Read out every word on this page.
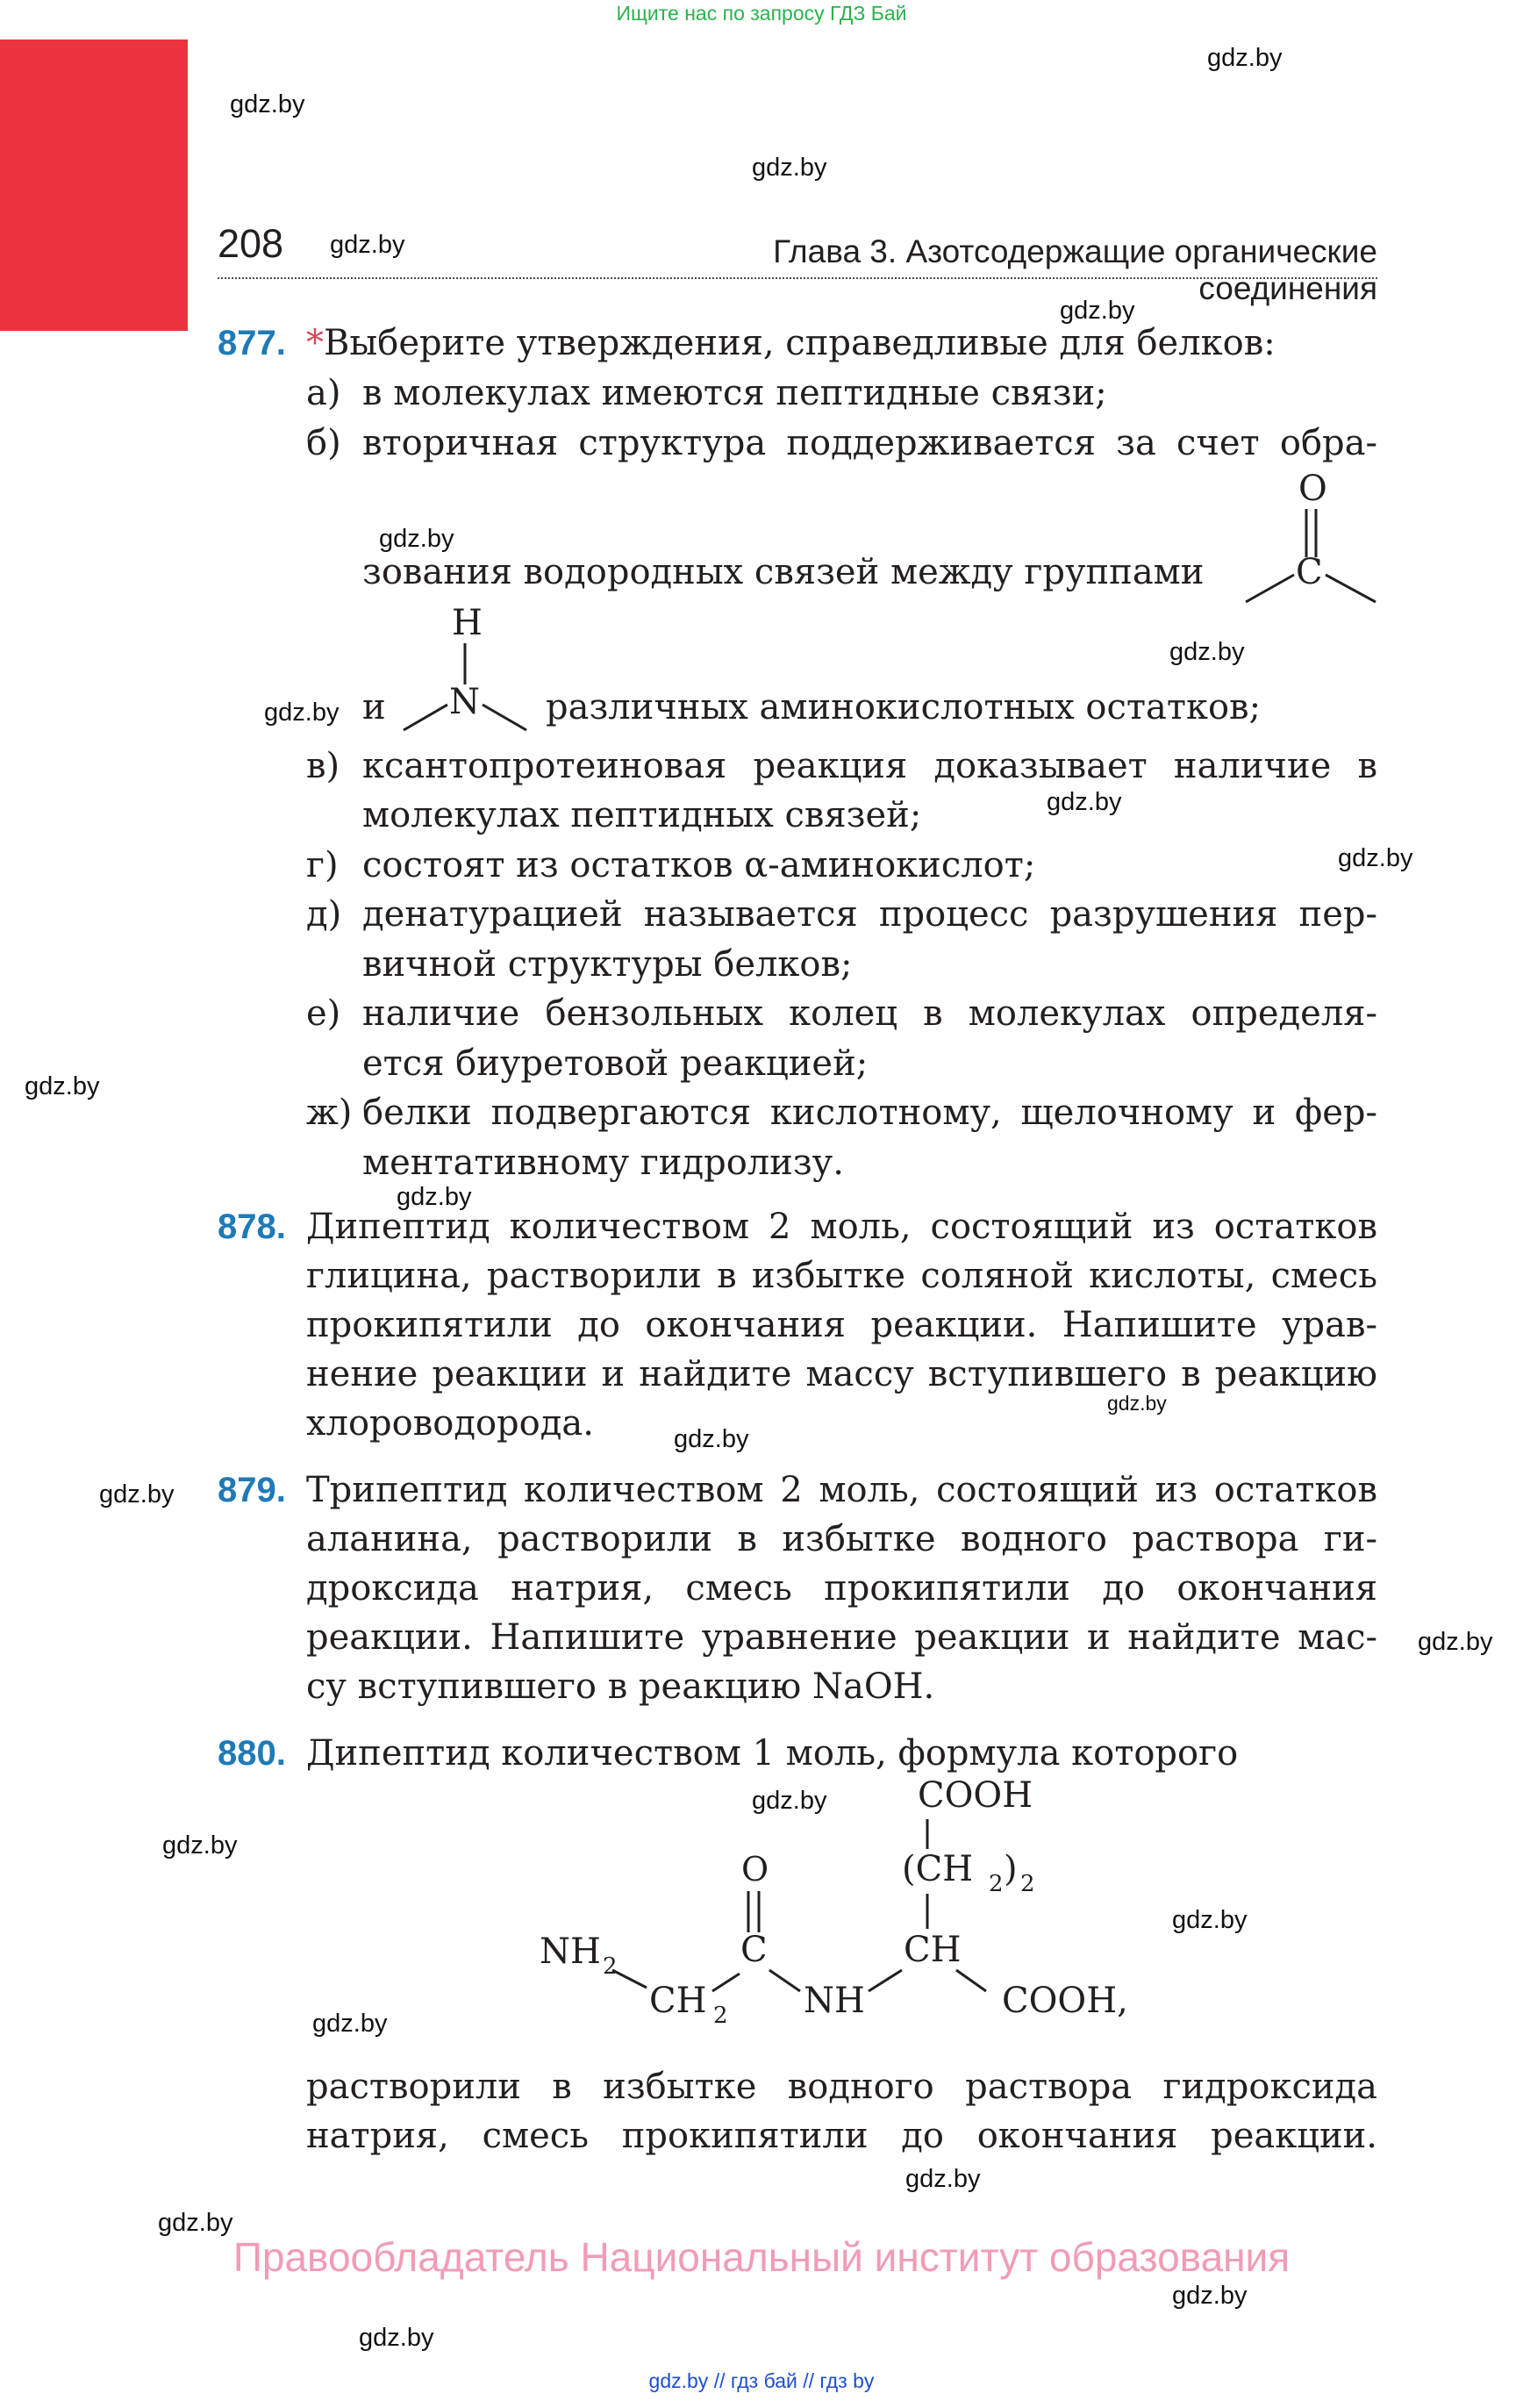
Ищите нас по запросу ГДЗ Бай
208	Глава 3. Азотсодержащие органические соединения
gdz.by
gdz.by
gdz.by
gdz.by
gdz.by
gdz.by
gdz.by
gdz.by
gdz.by
gdz.by
gdz.by
gdz.by
gdz.by
gdz.by
gdz.by
gdz.by
gdz.by
gdz.by
gdz.by
gdz.by
gdz.by
gdz.by
gdz.by
gdz.by
877. *Выберите утверждения, справедливые для белков:
а) в молекулах имеются пептидные связи;
б) вторичная структура поддерживается за счет обра-
зования водородных связей между группами
O
C
и
H
N различных аминокислотных остатков;
в) ксантопротеиновая реакция доказывает наличие в
молекулах пептидных связей;
г) состоят из остатков α-аминокислот;
д) денатурацией называется процесс разрушения пер-
вичной структуры белков;
е) наличие бензольных колец в молекулах определя-
ется биуретовой реакцией;
ж) белки подвергаются кислотному, щелочному и фер-
ментативному гидролизу.
878. Дипептид количеством 2 моль, состоящий из остатков
глицина, растворили в избытке соляной кислоты, смесь
прокипятили до окончания реакции. Напишите урав-
нение реакции и найдите массу вступившего в реакцию
хлороводорода.
879. Трипептид количеством 2 моль, состоящий из остатков
аланина, растворили в избытке водного раствора ги-
дроксида натрия, смесь прокипятили до окончания
реакции. Напишите уравнение реакции и найдите мас-
су вступившего в реакцию NaOH.
880. Дипептид количеством 1 моль, формула которого
COOH
(CH 2 ) 2
O
NH 2	C	CH
CH 2 NH	COOH,
растворили в избытке водного раствора гидроксида
натрия, смесь прокипятили до окончания реакции.
Правообладатель Национальный институт образования
gdz.by // гдз бай // гдз by
